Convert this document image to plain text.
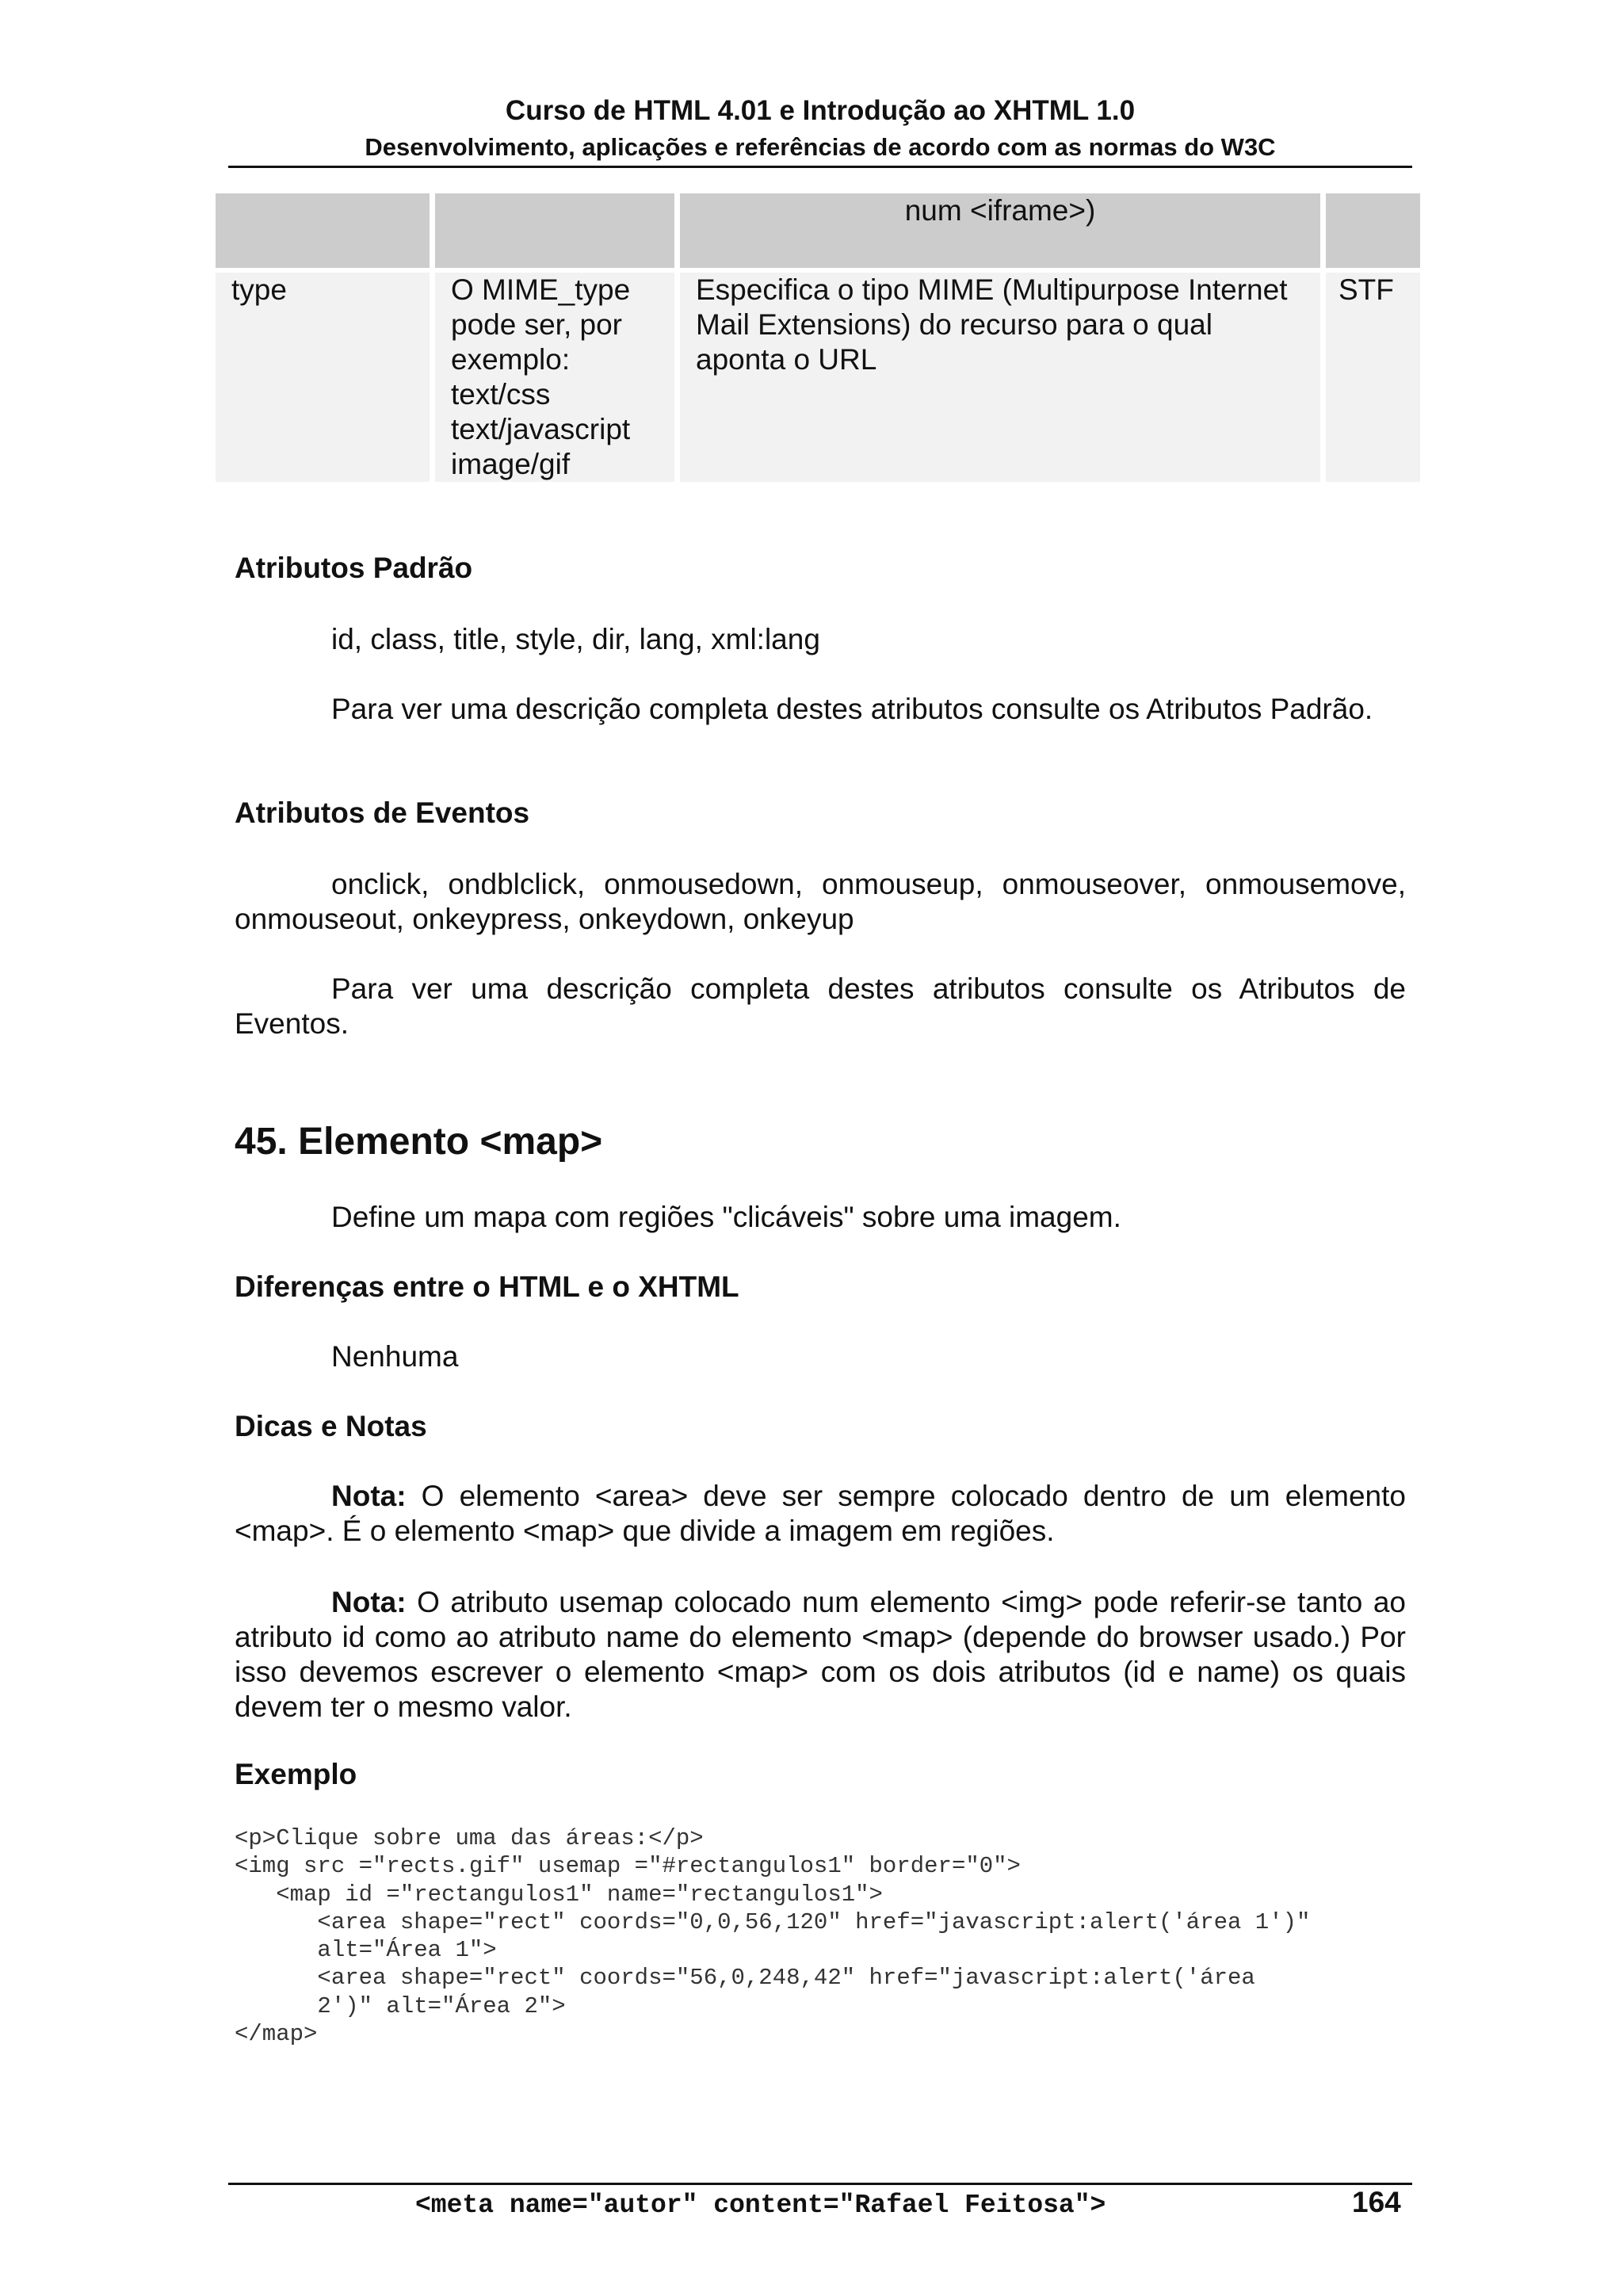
Curso de HTML 4.01 e Introdução ao XHTML 1.0
Desenvolvimento, aplicações e referências de acordo com as normas do W3C
num <iframe>)
type	O MIME_type
pode ser, por
exemplo:
text/css
text/javascript
image/gif
Especifica o tipo MIME (Multipurpose Internet
Mail Extensions) do recurso para o qual
aponta o URL
STF
Atributos Padrão
id, class, title, style, dir, lang, xml:lang
Para ver uma descrição completa destes atributos consulte os Atributos Padrão.
Atributos de Eventos
onclick, ondblclick, onmousedown, onmouseup, onmouseover, onmousemove, onmouseout, onkeypress, onkeydown, onkeyup
Para ver uma descrição completa destes atributos consulte os Atributos de Eventos.
45. Elemento <map>
Define um mapa com regiões "clicáveis" sobre uma imagem.
Diferenças entre o HTML e o XHTML
Nenhuma
Dicas e Notas
Nota: O elemento <area> deve ser sempre colocado dentro de um elemento <map>. É o elemento <map> que divide a imagem em regiões.
Nota: O atributo usemap colocado num elemento <img> pode referir-se tanto ao atributo id como ao atributo name do elemento <map> (depende do browser usado.) Por isso devemos escrever o elemento <map> com os dois atributos (id e name) os quais devem ter o mesmo valor.
Exemplo
<p>Clique sobre uma das áreas:</p>
<img src ="rects.gif" usemap ="#rectangulos1" border="0">
<map id ="rectangulos1" name="rectangulos1">
<area shape="rect" coords="0,0,56,120" href="javascript:alert('área 1')"
alt="Área 1">
<area shape="rect" coords="56,0,248,42" href="javascript:alert('área
2')" alt="Área 2">
</map>
<meta name="autor" content="Rafael Feitosa">	164
